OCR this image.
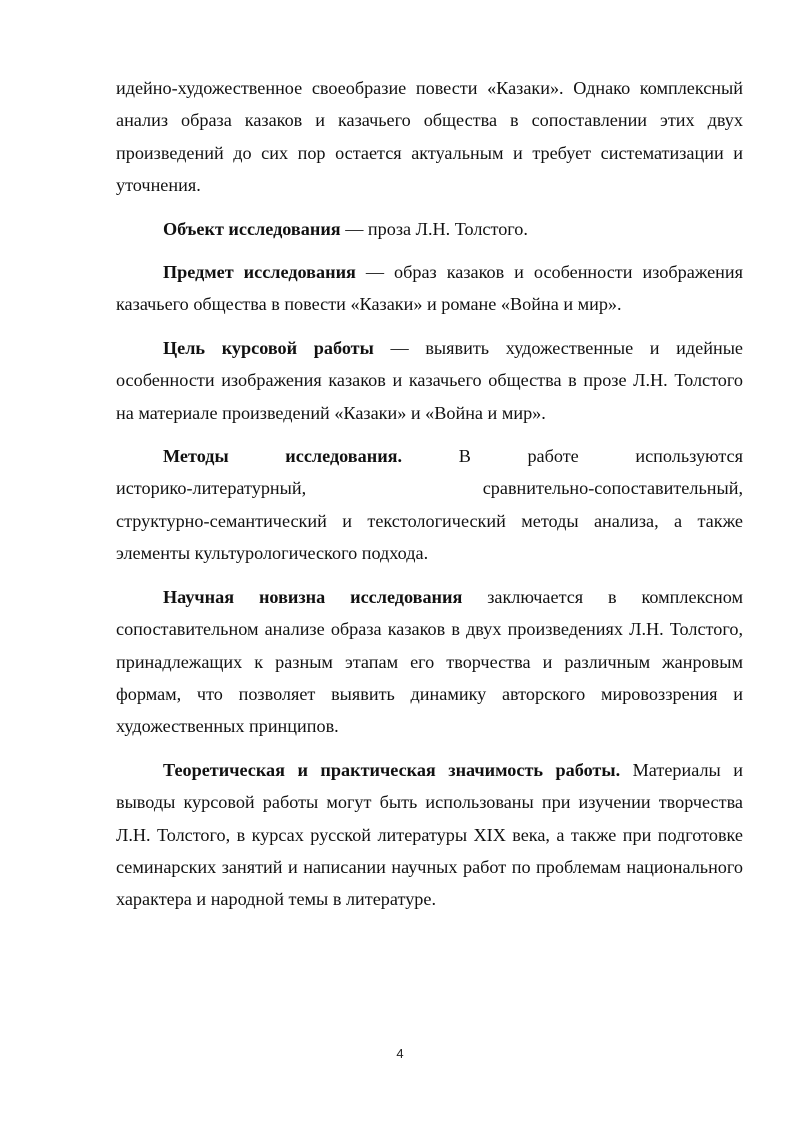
идейно-художественное своеобразие повести «Казаки». Однако комплексный анализ образа казаков и казачьего общества в сопоставлении этих двух произведений до сих пор остается актуальным и требует систематизации и уточнения.

Объект исследования — проза Л.Н. Толстого.

Предмет исследования — образ казаков и особенности изображения казачьего общества в повести «Казаки» и романе «Война и мир».

Цель курсовой работы — выявить художественные и идейные особенности изображения казаков и казачьего общества в прозе Л.Н. Толстого на материале произведений «Казаки» и «Война и мир».

Методы исследования. В работе используются

историко-литературный, сравнительно-сопоставительный,

структурно-семантический и текстологический методы анализа, а также элементы культурологического подхода.

Научная новизна исследования заключается в комплексном сопоставительном анализе образа казаков в двух произведениях Л.Н. Толстого, принадлежащих к разным этапам его творчества и различным жанровым формам, что позволяет выявить динамику авторского мировоззрения и художественных принципов.

Теоретическая и практическая значимость работы. Материалы и выводы курсовой работы могут быть использованы при изучении творчества Л.Н. Толстого, в курсах русской литературы XIX века, а также при подготовке семинарских занятий и написании научных работ по проблемам национального характера и народной темы в литературе.

4
